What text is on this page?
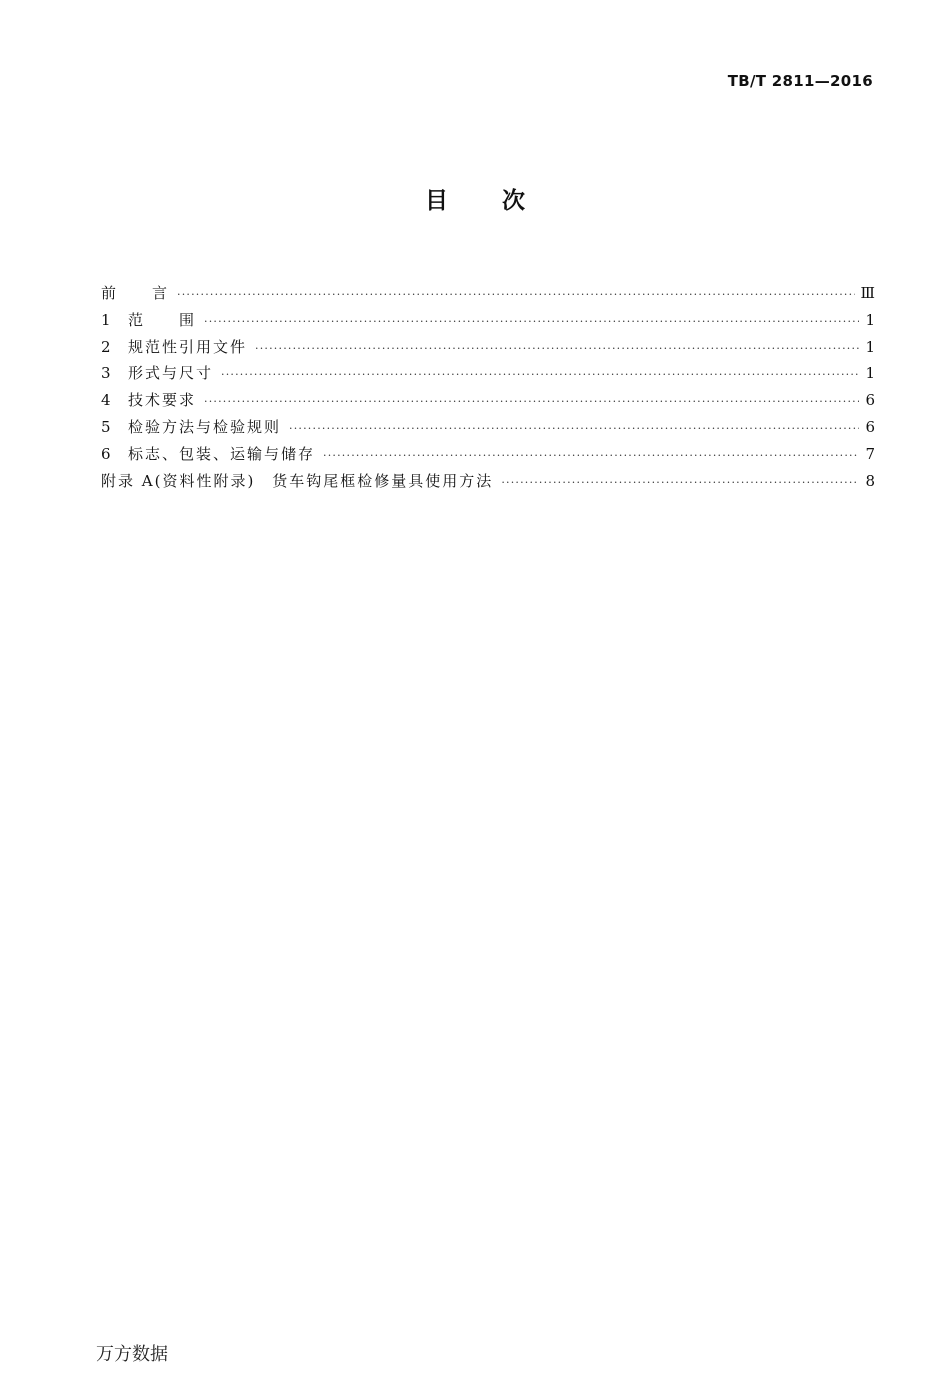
TB/T 2811—2016
目 次
前　　言 ·····	Ⅲ
1	范　　围 ·····	1
2	规范性引用文件 ·····	1
3	形式与尺寸 ·····	1
4	技术要求 ·····	6
5	检验方法与检验规则 ·····	6
6	标志、包装、运输与储存 ·····	7
附录 A(资料性附录)　货车钩尾框检修量具使用方法 ·····	8
万方数据
